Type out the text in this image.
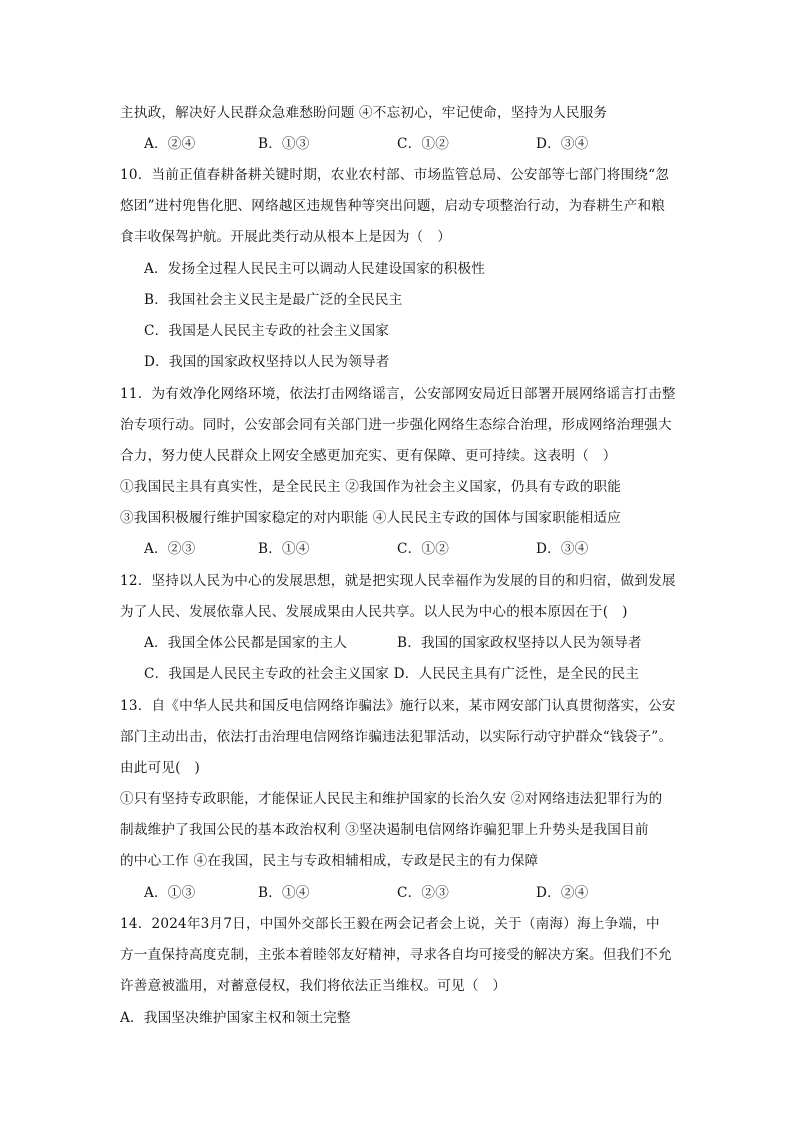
主执政，解决好人民群众急难愁盼问题 ④不忘初心，牢记使命，坚持为人民服务
A．②④	B．①③	C．①②	D．③④
10．当前正值春耕备耕关键时期，农业农村部、市场监管总局、公安部等七部门将围绕“忽
悠团”进村兜售化肥、网络越区违规售种等突出问题，启动专项整治行动，为春耕生产和粮
食丰收保驾护航。开展此类行动从根本上是因为（　）
A．发扬全过程人民民主可以调动人民建设国家的积极性
B．我国社会主义民主是最广泛的全民民主
C．我国是人民民主专政的社会主义国家
D．我国的国家政权坚持以人民为领导者
11．为有效净化网络环境，依法打击网络谣言，公安部网安局近日部署开展网络谣言打击整
治专项行动。同时，公安部会同有关部门进一步强化网络生态综合治理，形成网络治理强大
合力，努力使人民群众上网安全感更加充实、更有保障、更可持续。这表明（　）
①我国民主具有真实性，是全民民主 ②我国作为社会主义国家，仍具有专政的职能
③我国积极履行维护国家稳定的对内职能 ④人民民主专政的国体与国家职能相适应
A．②③	B．①④	C．①②	D．③④
12．坚持以人民为中心的发展思想，就是把实现人民幸福作为发展的目的和归宿，做到发展
为了人民、发展依靠人民、发展成果由人民共享。以人民为中心的根本原因在于(　)
A．我国全体公民都是国家的主人	B．我国的国家政权坚持以人民为领导者
C．我国是人民民主专政的社会主义国家 D．人民民主具有广泛性，是全民的民主
13．自《中华人民共和国反电信网络诈骗法》施行以来，某市网安部门认真贯彻落实，公安
部门主动出击，依法打击治理电信网络诈骗违法犯罪活动，以实际行动守护群众“钱袋子”。
由此可见(　)
①只有坚持专政职能，才能保证人民民主和维护国家的长治久安 ②对网络违法犯罪行为的
制裁维护了我国公民的基本政治权利 ③坚决遏制电信网络诈骗犯罪上升势头是我国目前
的中心工作 ④在我国，民主与专政相辅相成，专政是民主的有力保障
A．①③	B．①④	C．②③	D．②④
14．2024年3月7日，中国外交部长王毅在两会记者会上说，关于（南海）海上争端，中
方一直保持高度克制，主张本着睦邻友好精神，寻求各自均可接受的解决方案。但我们不允
许善意被滥用，对蓄意侵权，我们将依法正当维权。可见（　）
A．我国坚决维护国家主权和领土完整
